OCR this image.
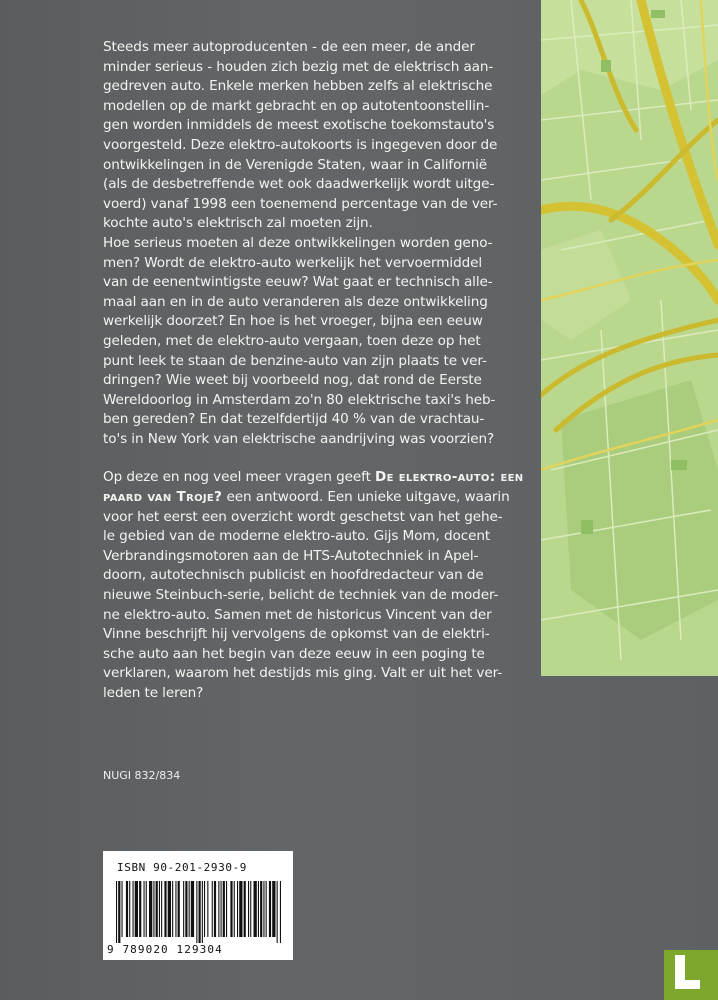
Steeds meer autoproducenten - de een meer, de ander
minder serieus - houden zich bezig met de elektrisch aan-
gedreven auto. Enkele merken hebben zelfs al elektrische
modellen op de markt gebracht en op autotentoonstellin-
gen worden inmiddels de meest exotische toekomstauto's
voorgesteld. Deze elektro-autokoorts is ingegeven door de
ontwikkelingen in de Verenigde Staten, waar in Californië
(als de desbetreffende wet ook daadwerkelijk wordt uitge-
voerd) vanaf 1998 een toenemend percentage van de ver-
kochte auto's elektrisch zal moeten zijn.
Hoe serieus moeten al deze ontwikkelingen worden geno-
men? Wordt de elektro-auto werkelijk het vervoermiddel
van de eenentwintigste eeuw? Wat gaat er technisch alle-
maal aan en in de auto veranderen als deze ontwikkeling
werkelijk doorzet? En hoe is het vroeger, bijna een eeuw
geleden, met de elektro-auto vergaan, toen deze op het
punt leek te staan de benzine-auto van zijn plaats te ver-
dringen? Wie weet bij voorbeeld nog, dat rond de Eerste
Wereldoorlog in Amsterdam zo'n 80 elektrische taxi's heb-
ben gereden? En dat tezelfdertijd 40 % van de vrachtau-
to's in New York van elektrische aandrijving was voorzien?
Op deze en nog veel meer vragen geeft De elektro-auto: een
paard van Troje? een antwoord. Een unieke uitgave, waarin
voor het eerst een overzicht wordt geschetst van het gehe-
le gebied van de moderne elektro-auto. Gijs Mom, docent
Verbrandingsmotoren aan de HTS-Autotechniek in Apel-
doorn, autotechnisch publicist en hoofdredacteur van de
nieuwe Steinbuch-serie, belicht de techniek van de moder-
ne elektro-auto. Samen met de historicus Vincent van der
Vinne beschrijft hij vervolgens de opkomst van de elektri-
sche auto aan het begin van deze eeuw in een poging te
verklaren, waarom het destijds mis ging. Valt er uit het ver-
leden te leren?
NUGI 832/834
ISBN 90-201-2930-9
9 789020 129304
